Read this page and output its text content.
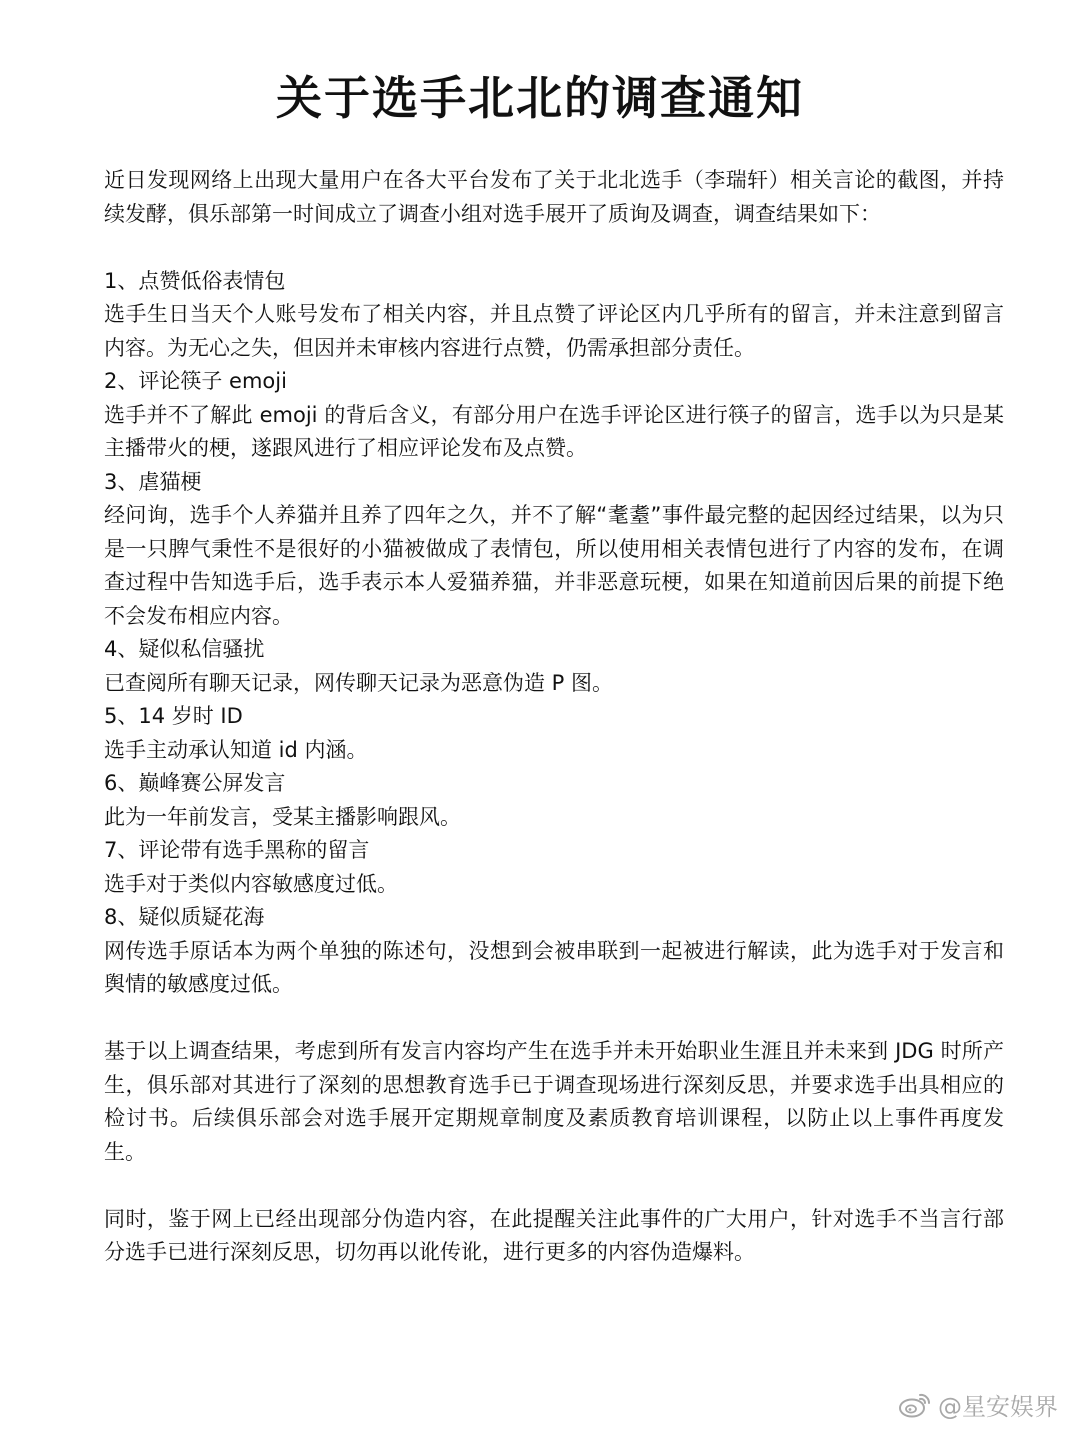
关于选手北北的调查通知

近日发现网络上出现大量用户在各大平台发布了关于北北选手（李瑞轩）相关言论的截图，并持续发酵，俱乐部第一时间成立了调查小组对选手展开了质询及调查，调查结果如下：

1、点赞低俗表情包

选手生日当天个人账号发布了相关内容，并且点赞了评论区内几乎所有的留言，并未注意到留言内容。为无心之失，但因并未审核内容进行点赞，仍需承担部分责任。

2、评论筷子 emoji

选手并不了解此 emoji 的背后含义，有部分用户在选手评论区进行筷子的留言，选手以为只是某主播带火的梗，遂跟风进行了相应评论发布及点赞。

3、虐猫梗

经问询，选手个人养猫并且养了四年之久，并不了解“耄耋”事件最完整的起因经过结果，以为只是一只脾气秉性不是很好的小猫被做成了表情包，所以使用相关表情包进行了内容的发布，在调查过程中告知选手后，选手表示本人爱猫养猫，并非恶意玩梗，如果在知道前因后果的前提下绝不会发布相应内容。

4、疑似私信骚扰

已查阅所有聊天记录，网传聊天记录为恶意伪造 P 图。

5、14 岁时 ID

选手主动承认知道 id 内涵。

6、巅峰赛公屏发言

此为一年前发言，受某主播影响跟风。

7、评论带有选手黑称的留言

选手对于类似内容敏感度过低。

8、疑似质疑花海

网传选手原话本为两个单独的陈述句，没想到会被串联到一起被进行解读，此为选手对于发言和舆情的敏感度过低。

基于以上调查结果，考虑到所有发言内容均产生在选手并未开始职业生涯且并未来到 JDG 时所产生，俱乐部对其进行了深刻的思想教育选手已于调查现场进行深刻反思，并要求选手出具相应的检讨书。后续俱乐部会对选手展开定期规章制度及素质教育培训课程，以防止以上事件再度发生。

同时，鉴于网上已经出现部分伪造内容，在此提醒关注此事件的广大用户，针对选手不当言行部分选手已进行深刻反思，切勿再以讹传讹，进行更多的内容伪造爆料。

@星安娱界
